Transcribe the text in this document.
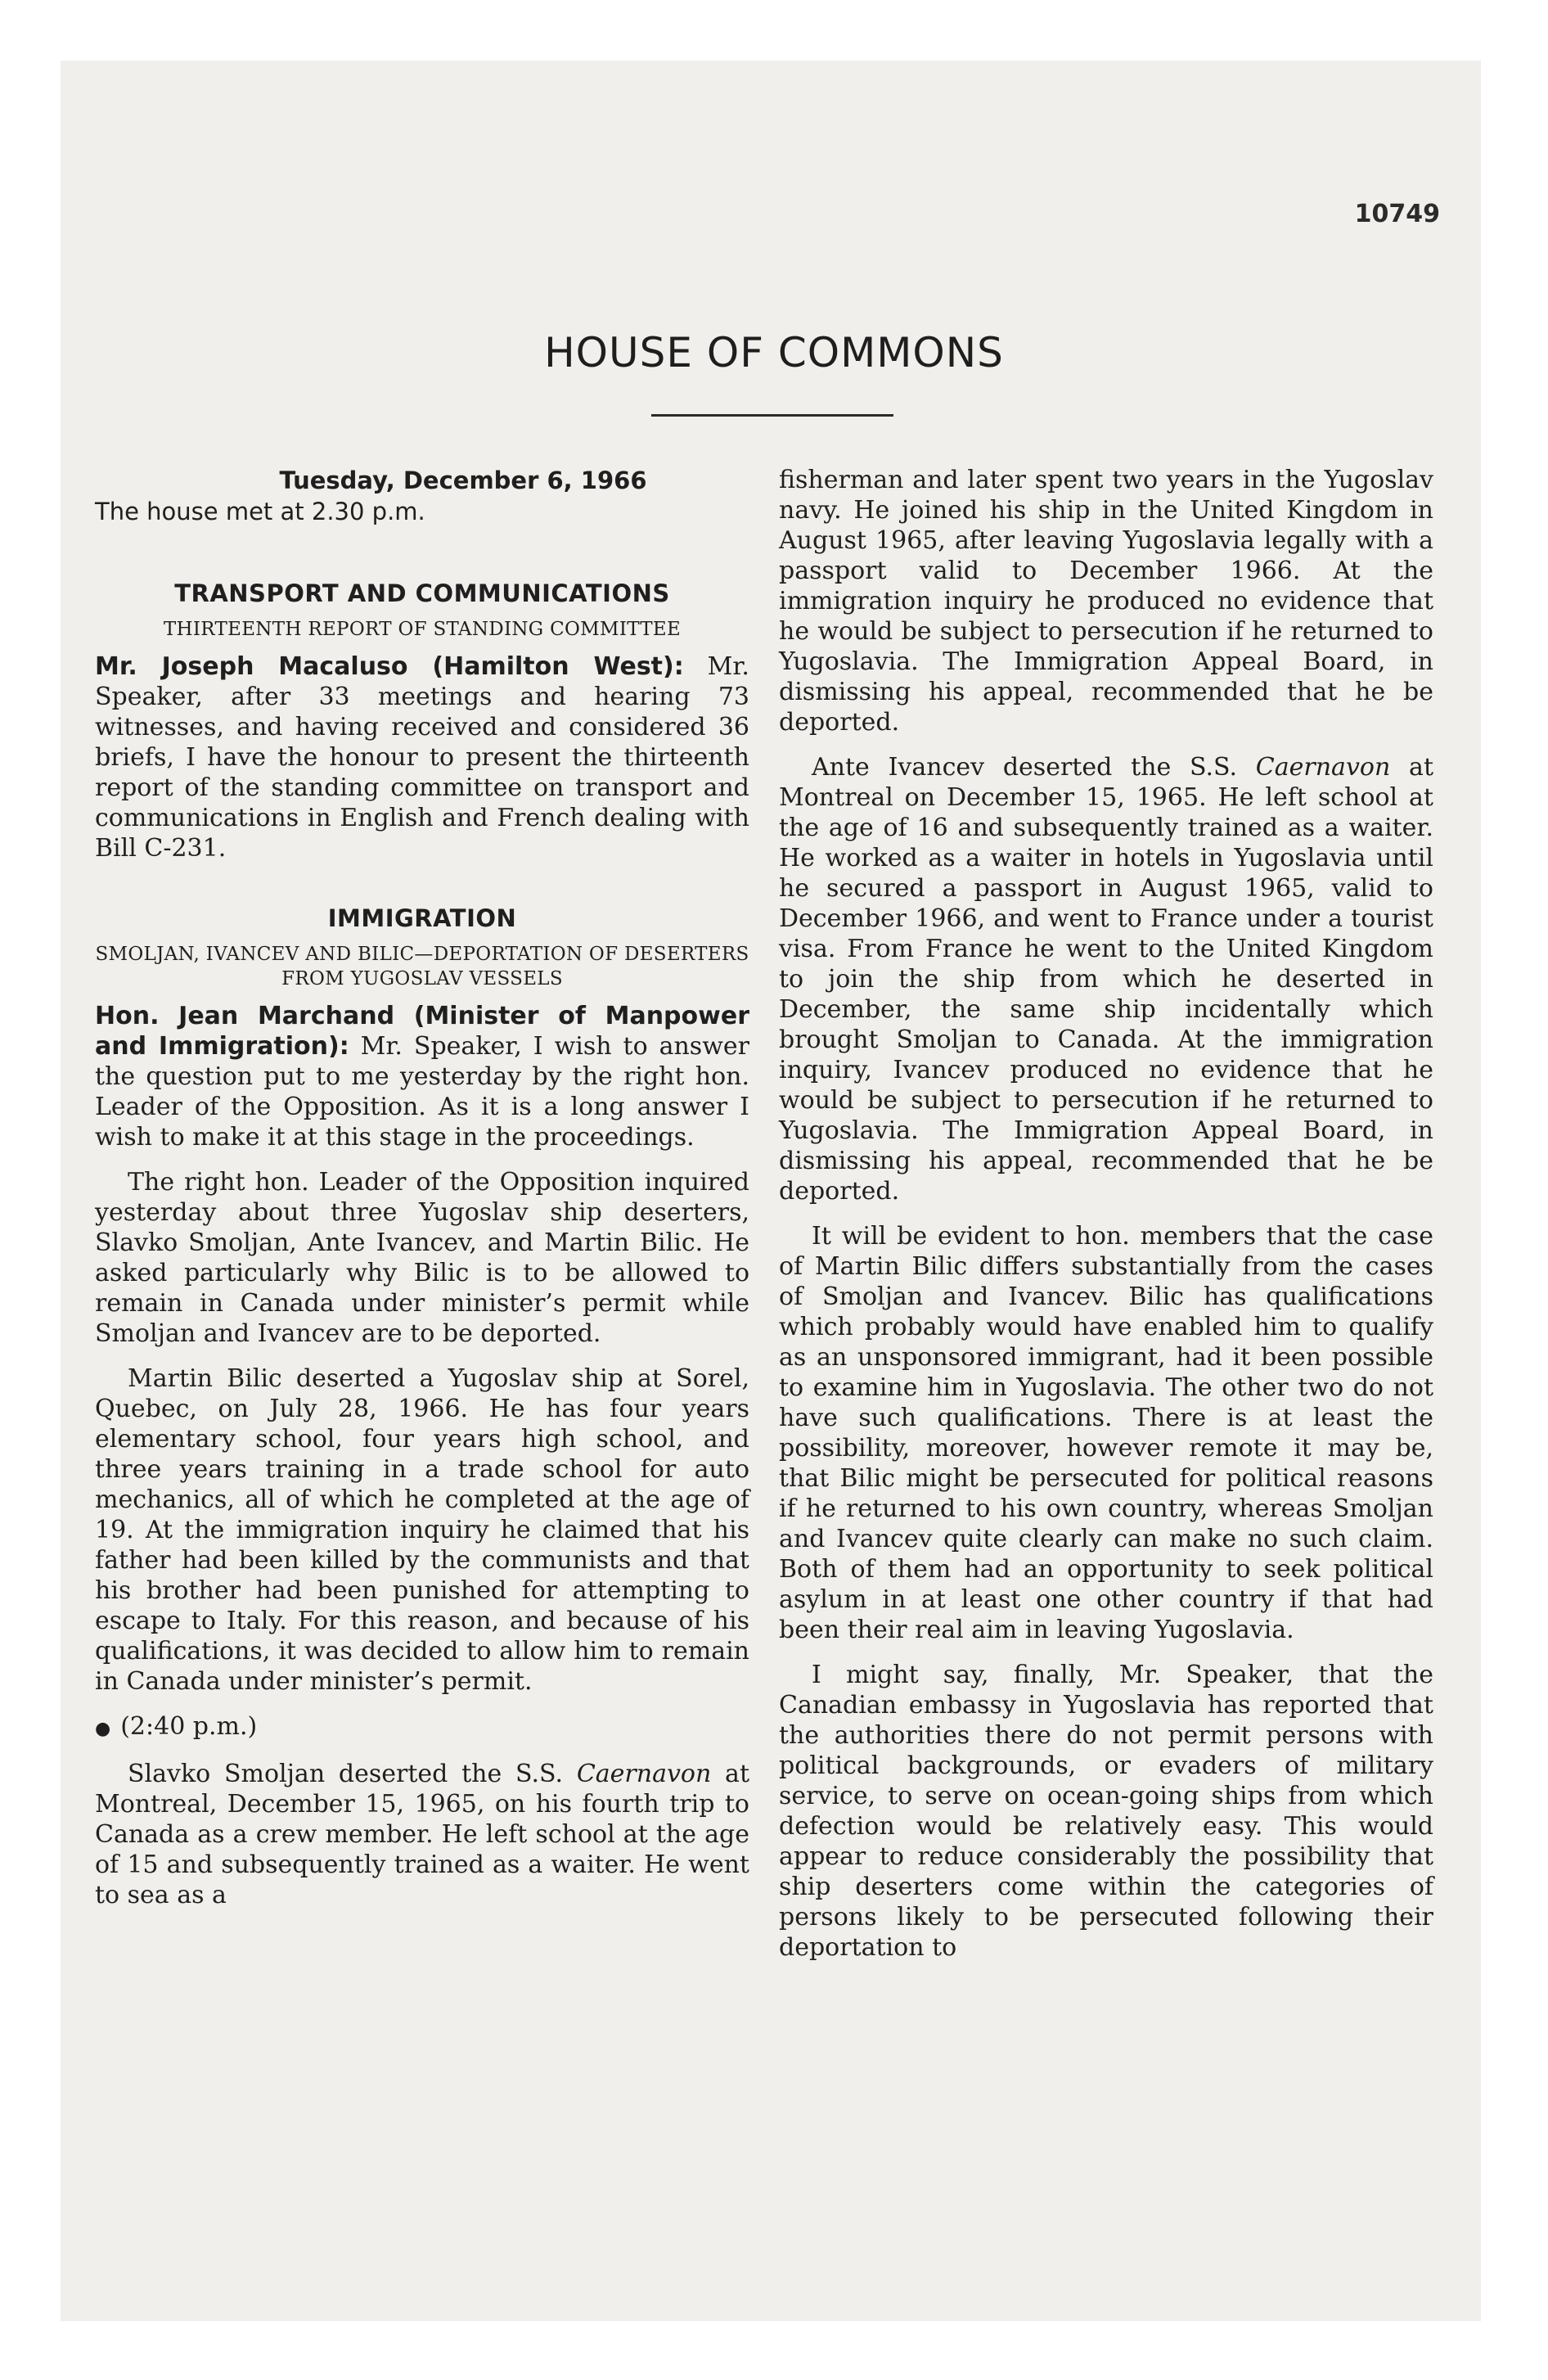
10749
HOUSE OF COMMONS
Tuesday, December 6, 1966
The house met at 2.30 p.m.
TRANSPORT AND COMMUNICATIONS
THIRTEENTH REPORT OF STANDING COMMITTEE

Mr. Joseph Macaluso (Hamilton West): Mr. Speaker, after 33 meetings and hearing 73 witnesses, and having received and considered 36 briefs, I have the honour to present the thirteenth report of the standing committee on transport and communications in English and French dealing with Bill C-231.

IMMIGRATION
SMOLJAN, IVANCEV AND BILIC—DEPORTATION OF DESERTERS FROM YUGOSLAV VESSELS

Hon. Jean Marchand (Minister of Manpower and Immigration): Mr. Speaker, I wish to answer the question put to me yesterday by the right hon. Leader of the Opposition. As it is a long answer I wish to make it at this stage in the proceedings.

The right hon. Leader of the Opposition inquired yesterday about three Yugoslav ship deserters, Slavko Smoljan, Ante Ivancev, and Martin Bilic. He asked particularly why Bilic is to be allowed to remain in Canada under minister’s permit while Smoljan and Ivancev are to be deported.

Martin Bilic deserted a Yugoslav ship at Sorel, Quebec, on July 28, 1966. He has four years elementary school, four years high school, and three years training in a trade school for auto mechanics, all of which he completed at the age of 19. At the immigration inquiry he claimed that his father had been killed by the communists and that his brother had been punished for attempting to escape to Italy. For this reason, and because of his qualifications, it was decided to allow him to remain in Canada under minister’s permit.

● (2:40 p.m.)

Slavko Smoljan deserted the S.S. Caernavon at Montreal, December 15, 1965, on his fourth trip to Canada as a crew member. He left school at the age of 15 and subsequently trained as a waiter. He went to sea as a

fisherman and later spent two years in the Yugoslav navy. He joined his ship in the United Kingdom in August 1965, after leaving Yugoslavia legally with a passport valid to December 1966. At the immigration inquiry he produced no evidence that he would be subject to persecution if he returned to Yugoslavia. The Immigration Appeal Board, in dismissing his appeal, recommended that he be deported.

Ante Ivancev deserted the S.S. Caernavon at Montreal on December 15, 1965. He left school at the age of 16 and subsequently trained as a waiter. He worked as a waiter in hotels in Yugoslavia until he secured a passport in August 1965, valid to December 1966, and went to France under a tourist visa. From France he went to the United Kingdom to join the ship from which he deserted in December, the same ship incidentally which brought Smoljan to Canada. At the immigration inquiry, Ivancev produced no evidence that he would be subject to persecution if he returned to Yugoslavia. The Immigration Appeal Board, in dismissing his appeal, recommended that he be deported.

It will be evident to hon. members that the case of Martin Bilic differs substantially from the cases of Smoljan and Ivancev. Bilic has qualifications which probably would have enabled him to qualify as an unsponsored immigrant, had it been possible to examine him in Yugoslavia. The other two do not have such qualifications. There is at least the possibility, moreover, however remote it may be, that Bilic might be persecuted for political reasons if he returned to his own country, whereas Smoljan and Ivancev quite clearly can make no such claim. Both of them had an opportunity to seek political asylum in at least one other country if that had been their real aim in leaving Yugoslavia.

I might say, finally, Mr. Speaker, that the Canadian embassy in Yugoslavia has reported that the authorities there do not permit persons with political backgrounds, or evaders of military service, to serve on ocean-going ships from which defection would be relatively easy. This would appear to reduce considerably the possibility that ship deserters come within the categories of persons likely to be persecuted following their deportation to
